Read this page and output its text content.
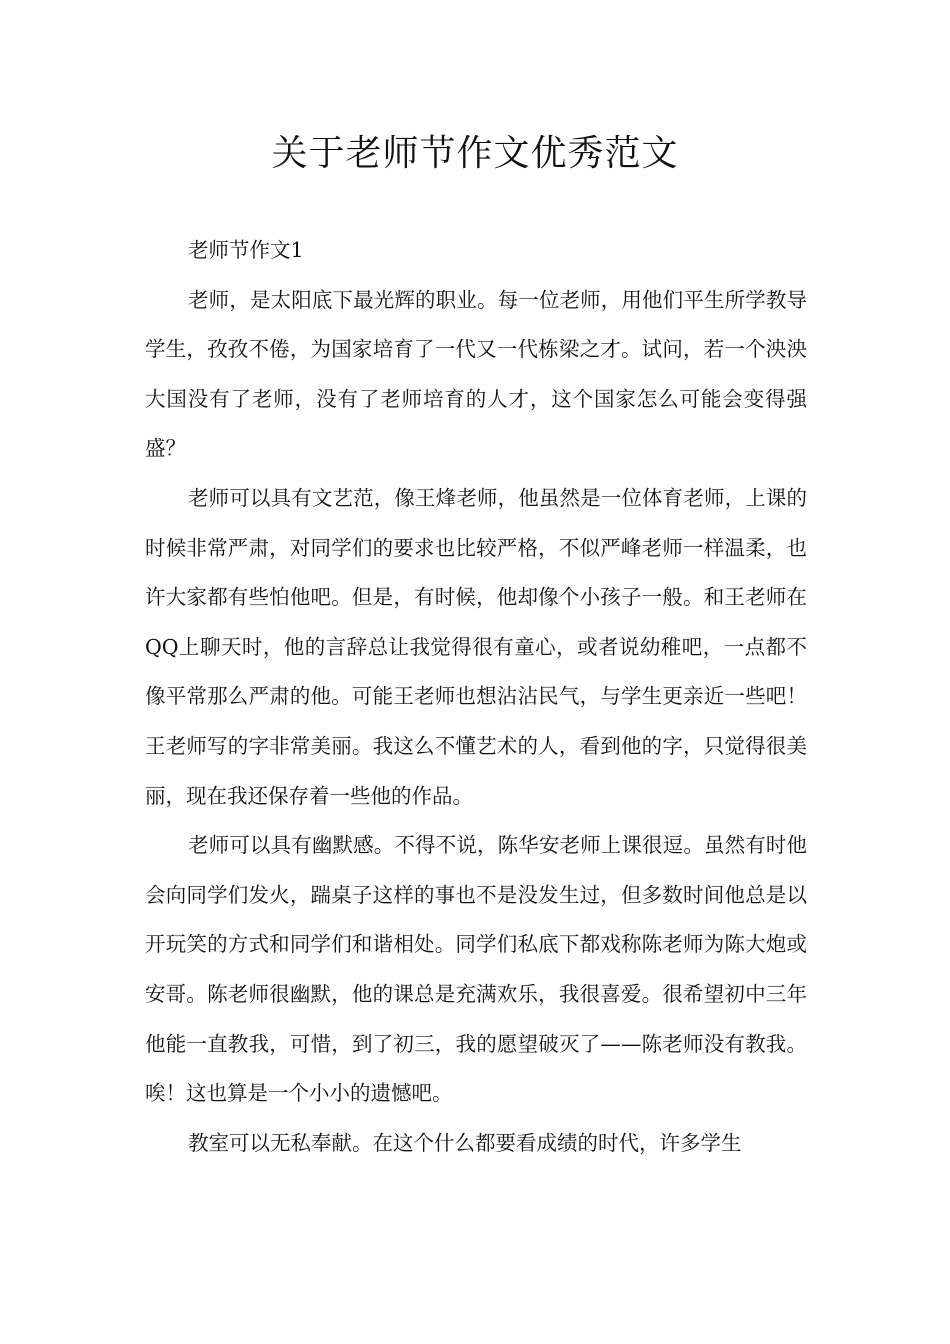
关于老师节作文优秀范文

老师节作文1

老师，是太阳底下最光辉的职业。每一位老师，用他们平生所学教导学生，孜孜不倦，为国家培育了一代又一代栋梁之才。试问，若一个泱泱大国没有了老师，没有了老师培育的人才，这个国家怎么可能会变得强盛？

老师可以具有文艺范，像王烽老师，他虽然是一位体育老师，上课的时候非常严肃，对同学们的要求也比较严格，不似严峰老师一样温柔，也许大家都有些怕他吧。但是，有时候，他却像个小孩子一般。和王老师在QQ上聊天时，他的言辞总让我觉得很有童心，或者说幼稚吧，一点都不像平常那么严肃的他。可能王老师也想沾沾民气，与学生更亲近一些吧！王老师写的字非常美丽。我这么不懂艺术的人，看到他的字，只觉得很美丽，现在我还保存着一些他的作品。

老师可以具有幽默感。不得不说，陈华安老师上课很逗。虽然有时他会向同学们发火，踹桌子这样的事也不是没发生过，但多数时间他总是以开玩笑的方式和同学们和谐相处。同学们私底下都戏称陈老师为陈大炮或安哥。陈老师很幽默，他的课总是充满欢乐，我很喜爱。很希望初中三年他能一直教我，可惜，到了初三，我的愿望破灭了——陈老师没有教我。唉！这也算是一个小小的遗憾吧。

教室可以无私奉献。在这个什么都要看成绩的时代，许多学生
